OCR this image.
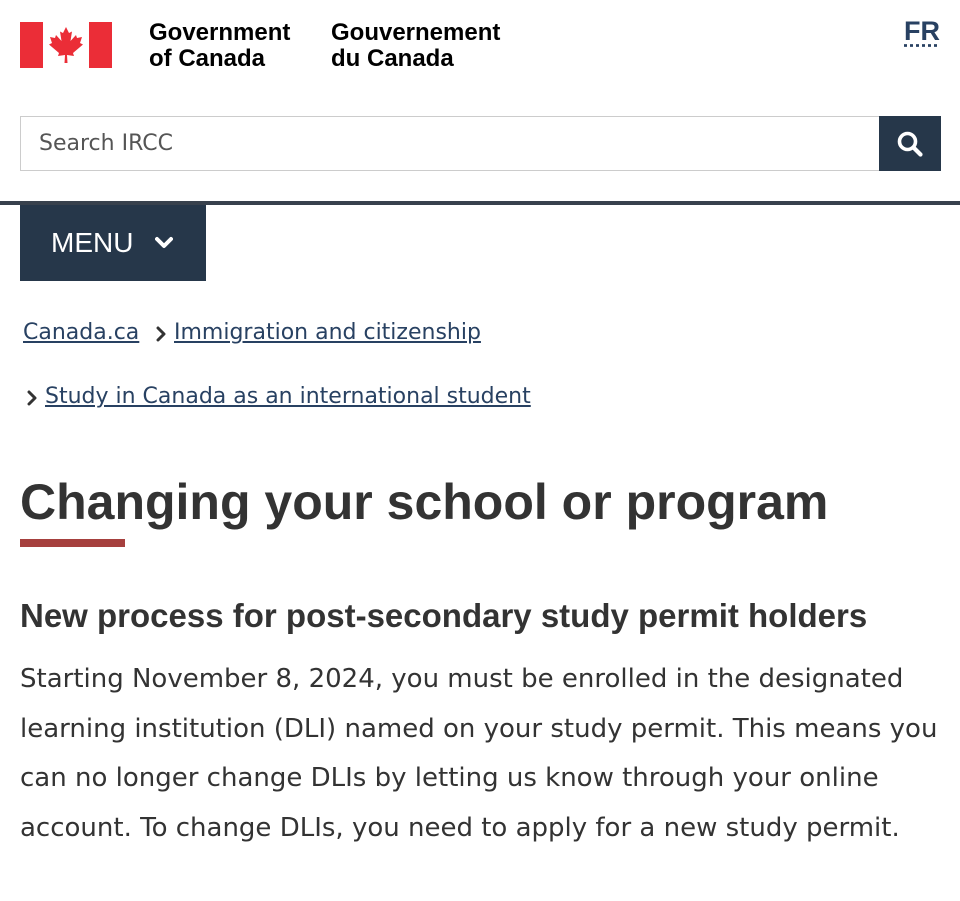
Government
of Canada
Gouvernement
du Canada
FR
Search IRCC
MENU
Canada.ca Immigration and citizenship
Study in Canada as an international student
Changing your school or program
New process for post-secondary study permit holders

Starting November 8, 2024, you must be enrolled in the designated learning institution (DLI) named on your study permit. This means you can no longer change DLIs by letting us know through your online account. To change DLIs, you need to apply for a new study permit.
